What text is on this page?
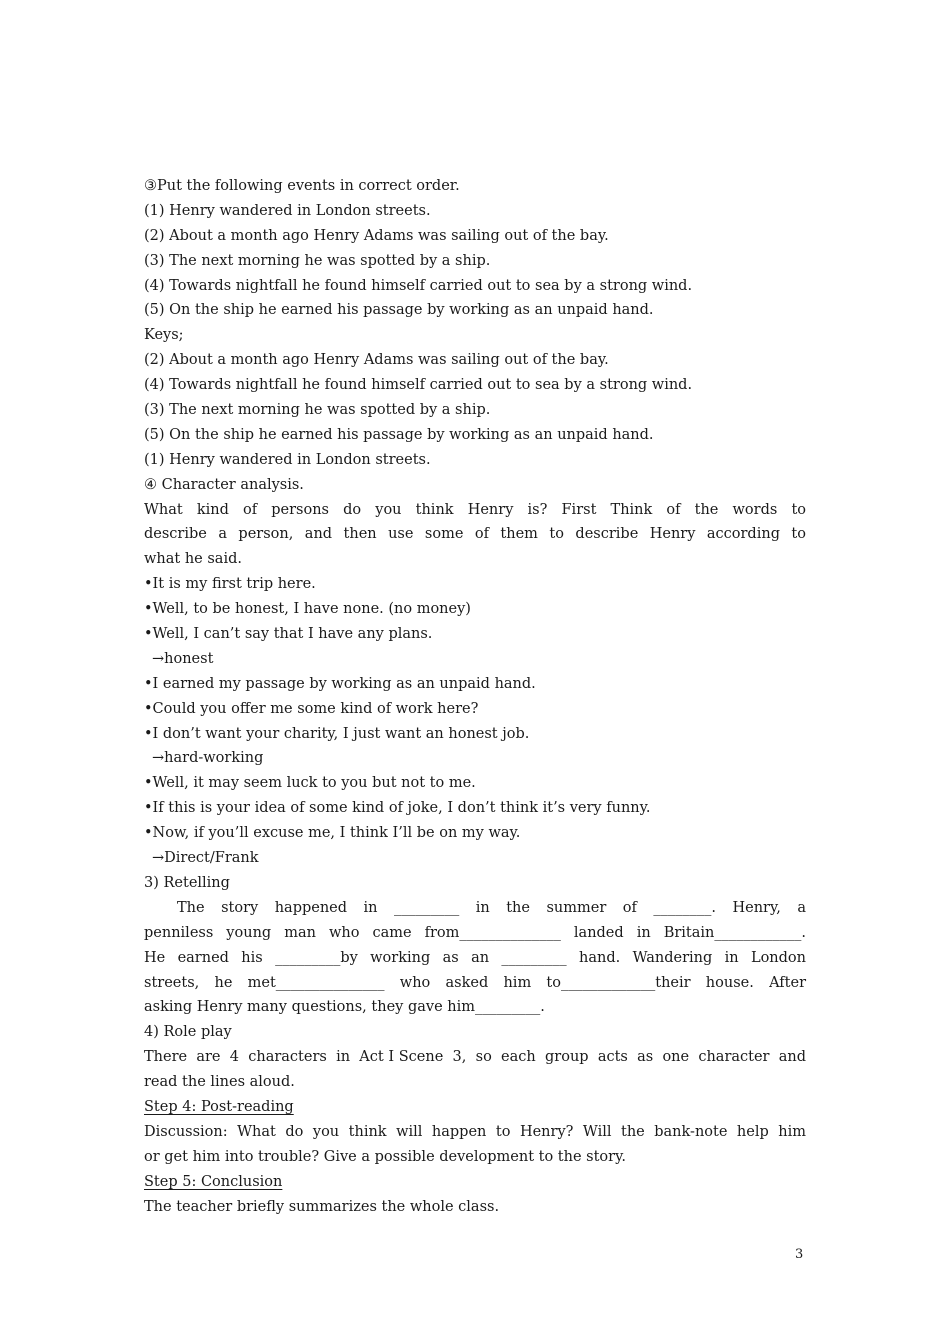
③Put the following events in correct order.
(1) Henry wandered in London streets.
(2) About a month ago Henry Adams was sailing out of the bay.
(3) The next morning he was spotted by a ship.
(4) Towards nightfall he found himself carried out to sea by a strong wind.
(5) On the ship he earned his passage by working as an unpaid hand.
Keys;
(2) About a month ago Henry Adams was sailing out of the bay.
(4) Towards nightfall he found himself carried out to sea by a strong wind.
(3) The next morning he was spotted by a ship.
(5) On the ship he earned his passage by working as an unpaid hand.
(1) Henry wandered in London streets.
④ Character analysis.
What kind of persons do you think Henry is? First Think of the words to
describe a person, and then use some of them to describe Henry according to
what he said.
•It is my first trip here.
•Well, to be honest, I have none. (no money)
•Well, I can’t say that I have any plans.
→honest
•I earned my passage by working as an unpaid hand.
•Could you offer me some kind of work here?
•I don’t want your charity, I just want an honest job.
→hard-working
•Well, it may seem luck to you but not to me.
•If this is your idea of some kind of joke, I don’t think it’s very funny.
•Now, if you’ll excuse me, I think I’ll be on my way.
→Direct/Frank
3) Retelling
The story happened in _________ in the summer of ________. Henry, a
penniless young man who came from______________ landed in Britain____________.
He earned his _________by working as an _________ hand. Wandering in London
streets, he met_______________ who asked him to_____________their house. After
asking Henry many questions, they gave him_________.
4) Role play
There are 4 characters in ActⅠScene 3, so each group acts as one character and
read the lines aloud.
Step 4: Post-reading
Discussion: What do you think will happen to Henry? Will the bank-note help him
or get him into trouble? Give a possible development to the story.
Step 5: Conclusion
The teacher briefly summarizes the whole class.
3
